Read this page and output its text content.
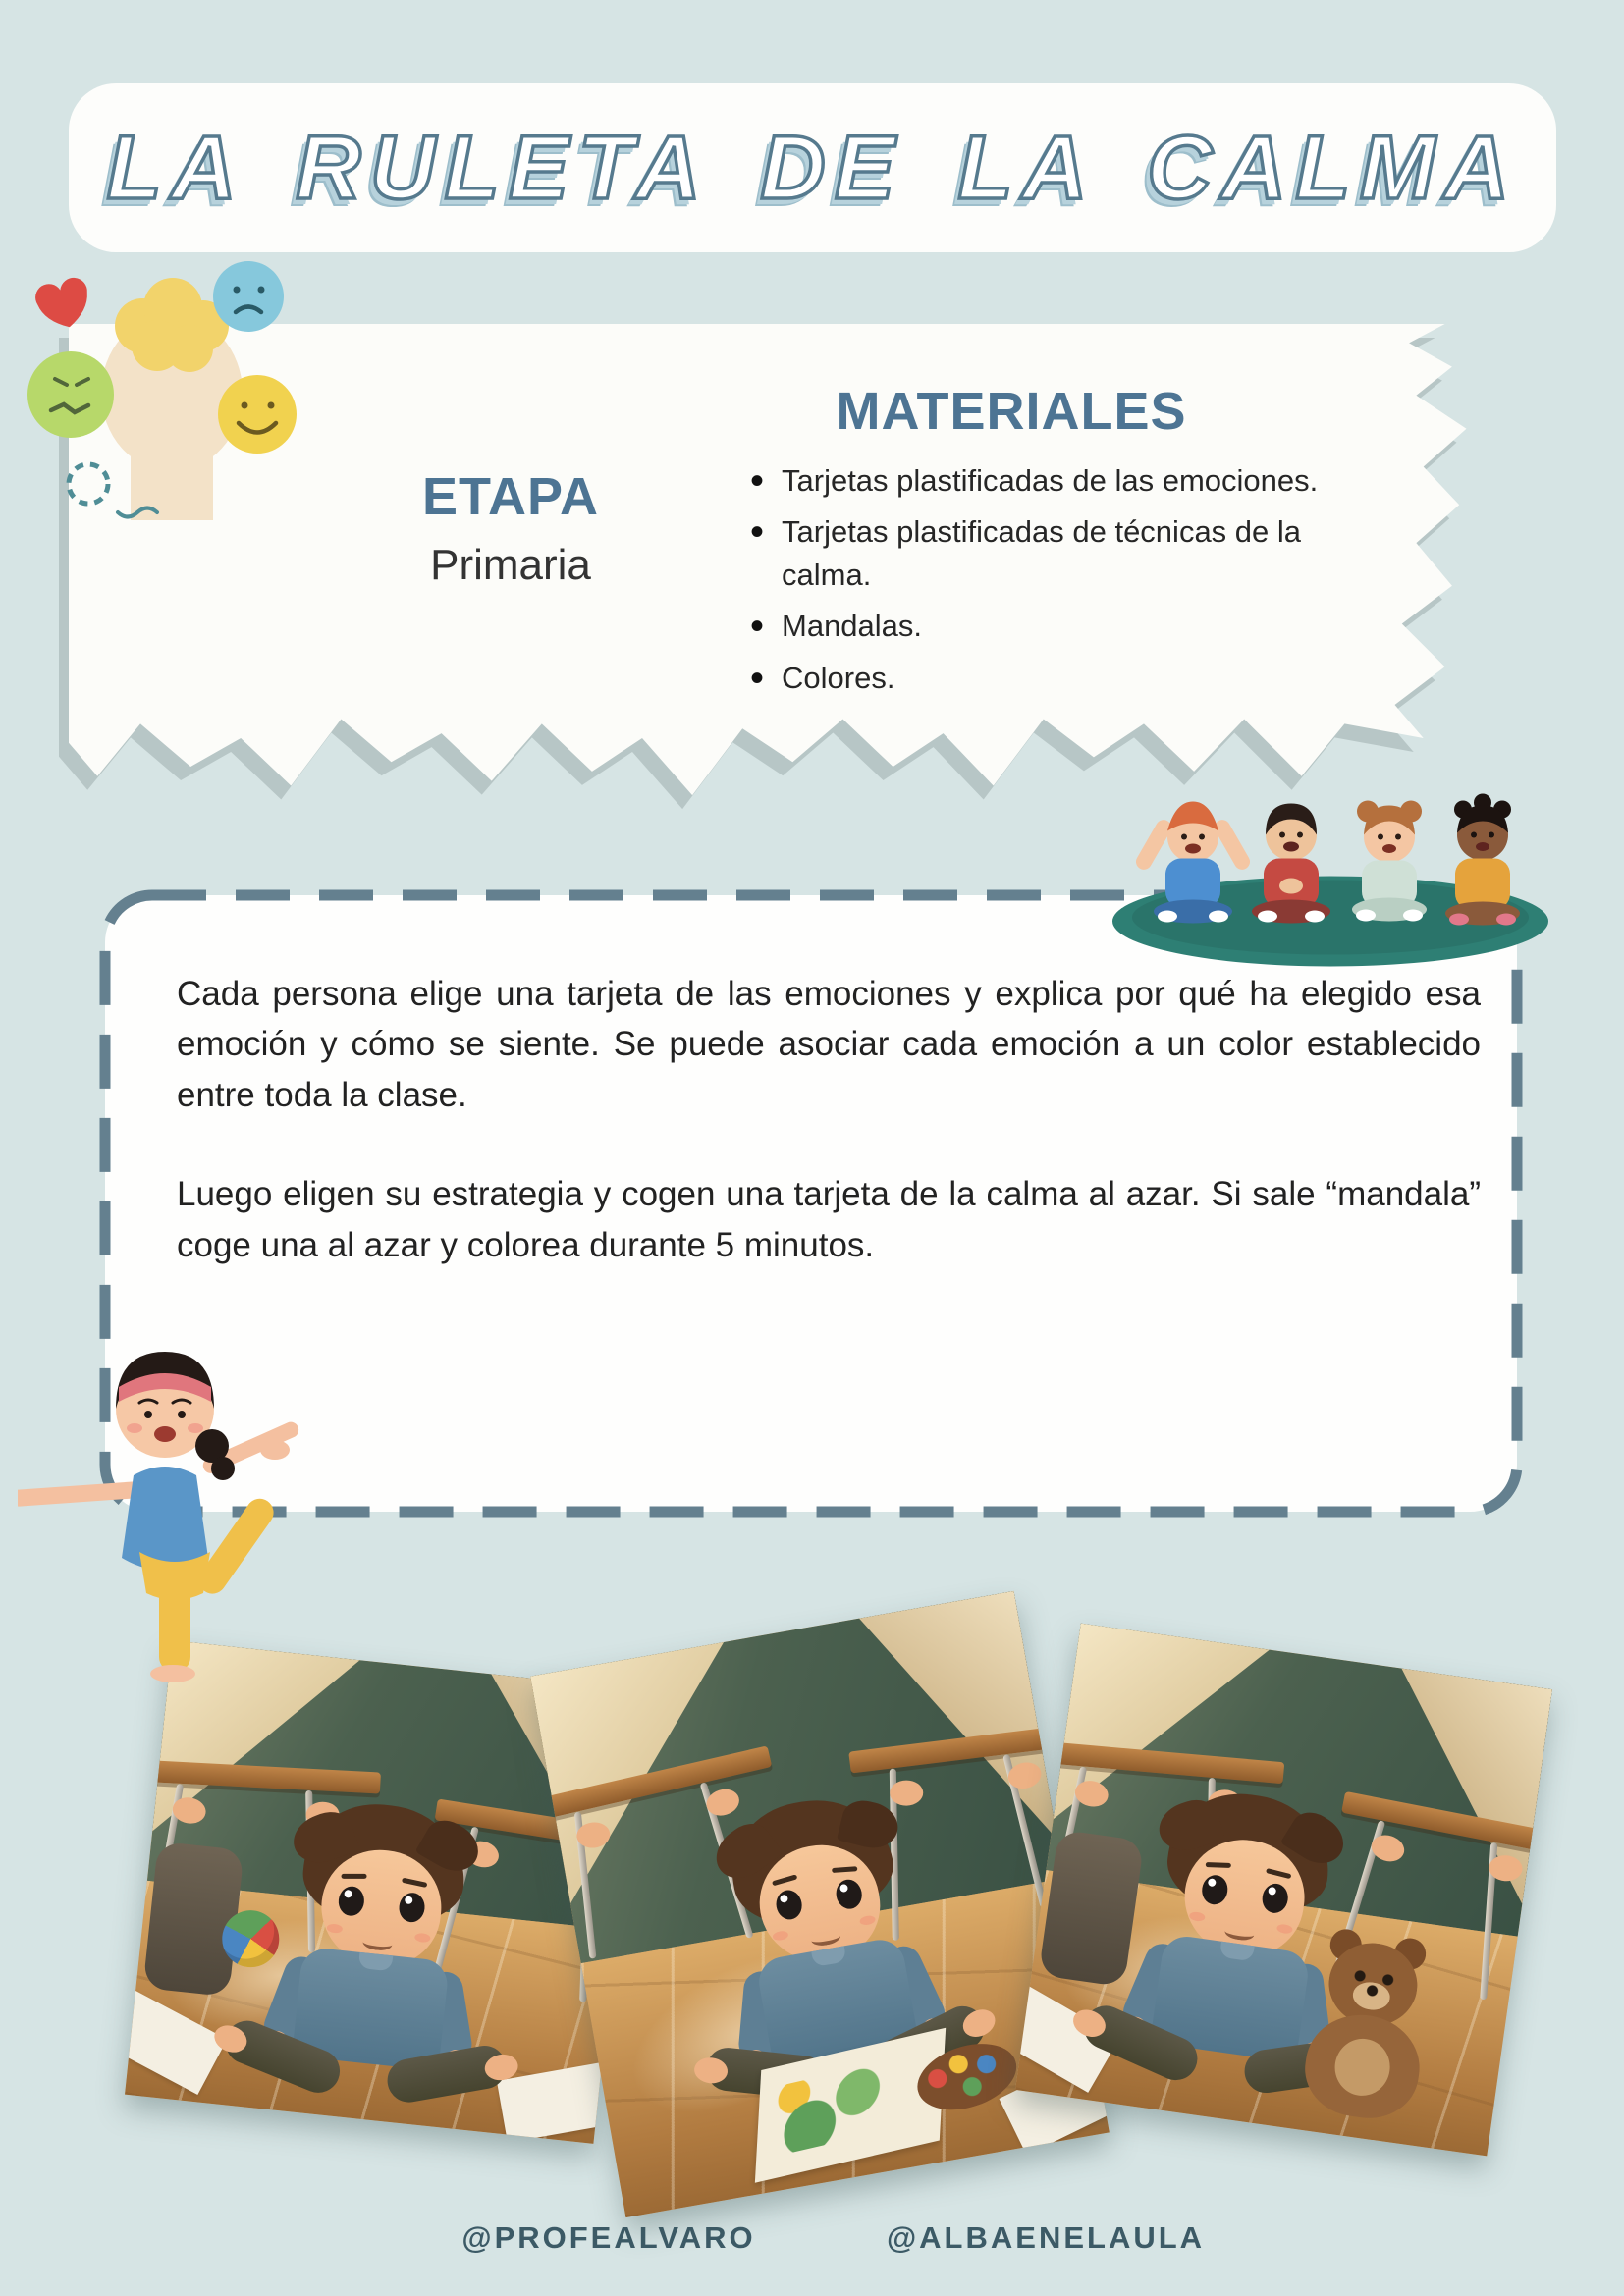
LA RULETA DE LA CALMA
ETAPA
Primaria
MATERIALES
• Tarjetas plastificadas de las emociones.
• Tarjetas plastificadas de técnicas de la calma.
• Mandalas.
• Colores.

Cada persona elige una tarjeta de las emociones y explica por qué ha elegido esa emoción y cómo se siente. Se puede asociar cada emoción a un color establecido entre toda la clase.

Luego eligen su estrategia y cogen una tarjeta de la calma al azar. Si sale “mandala” coge una al azar y colorea durante 5 minutos.

@PROFEALVARO	@ALBAENELAULA
